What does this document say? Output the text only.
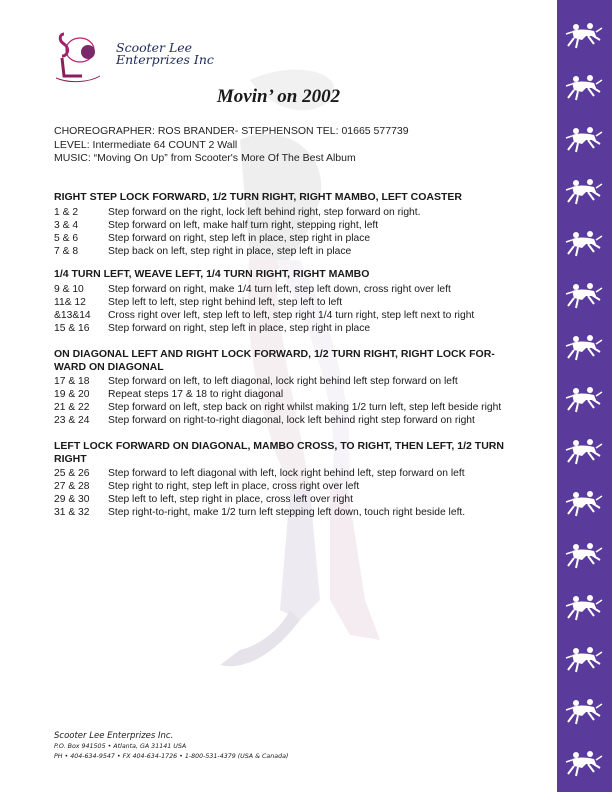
Scooter Lee
Enterprizes Inc
Movin’ on 2002
CHOREOGRAPHER: ROS BRANDER- STEPHENSON TEL: 01665 577739
LEVEL: Intermediate 64 COUNT 2 Wall
MUSIC: “Moving On Up” from Scooter's More Of The Best Album
RIGHT STEP LOCK FORWARD, 1/2 TURN RIGHT, RIGHT MAMBO, LEFT COASTER
1 & 2	Step forward on the right, lock left behind right, step forward on right.
3 & 4	Step forward on left, make half turn right, stepping right, left
5 & 6	Step forward on right, step left in place, step right in place
7 & 8	Step back on left, step right in place, step left in place
1/4 TURN LEFT, WEAVE LEFT, 1/4 TURN RIGHT, RIGHT MAMBO
9 & 10	Step forward on right, make 1/4 turn left, step left down, cross right over left
11& 12	Step left to left, step right behind left, step left to left
&13&14	Cross right over left, step left to left, step right 1/4 turn right, step left next to right
15 & 16	Step forward on right, step left in place, step right in place
ON DIAGONAL LEFT AND RIGHT LOCK FORWARD, 1/2 TURN RIGHT, RIGHT LOCK FOR-
WARD ON DIAGONAL
17 & 18	Step forward on left, to left diagonal, lock right behind left step forward on left
19 & 20	Repeat steps 17 & 18 to right diagonal
21 & 22	Step forward on left, step back on right whilst making 1/2 turn left, step left beside right
23 & 24	Step forward on right-to-right diagonal, lock left behind right step forward on right
LEFT LOCK FORWARD ON DIAGONAL, MAMBO CROSS, TO RIGHT, THEN LEFT, 1/2 TURN
RIGHT
25 & 26	Step forward to left diagonal with left, lock right behind left, step forward on left
27 & 28	Step right to right, step left in place, cross right over left
29 & 30	Step left to left, step right in place, cross left over right
31 & 32	Step right-to-right, make 1/2 turn left stepping left down, touch right beside left.
Scooter Lee Enterprizes Inc.
P.O. Box 941505 • Atlanta, GA 31141 USA
PH • 404-634-9547 • FX 404-634-1726 • 1-800-531-4379 (USA & Canada)
